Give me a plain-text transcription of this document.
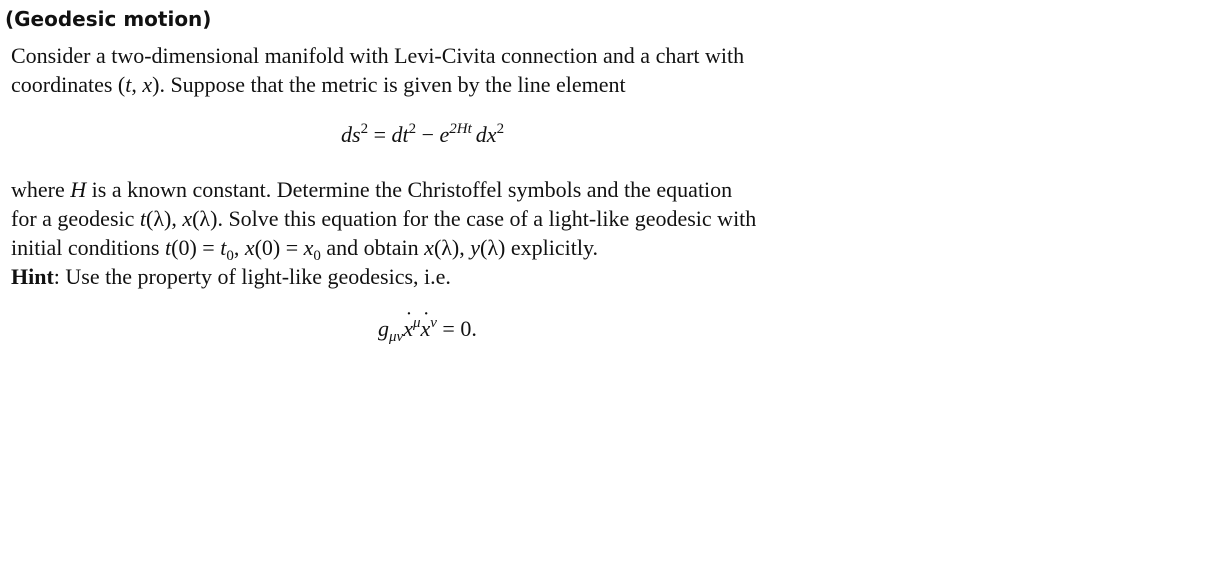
(Geodesic motion)

Consider a two-dimensional manifold with Levi-Civita connection and a chart with
coordinates (t, x). Suppose that the metric is given by the line element

$ds^2 = dt^2 - e^{2Ht}$ $dx^2$

where H is a known constant. Determine the Christoffel symbols and the equation
for a geodesic t(λ), x(λ). Solve this equation for the case of a light-like geodesic with
initial conditions $t(0) = t_0$, $x(0) = x_0$ and obtain x(λ), y(λ) explicitly.

Hint: Use the property of light-like geodesics, i.e.

$g_{\mu\nu}˙$ $x^\mu˙$ $x^\nu = 0$.
